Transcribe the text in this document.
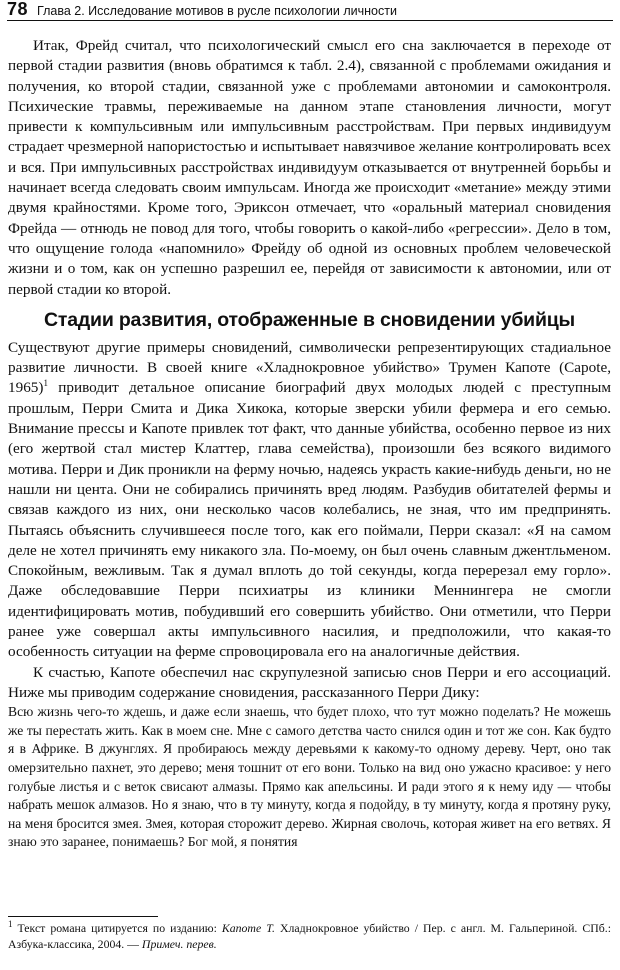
78 Глава 2. Исследование мотивов в русле психологии личности

Итак, Фрейд считал, что психологический смысл его сна заключается в переходе от первой стадии развития (вновь обратимся к табл. 2.4), связанной с проблемами ожидания и получения, ко второй стадии, связанной уже с проблемами автономии и самоконтроля. Психические травмы, переживаемые на данном этапе становления личности, могут привести к компульсивным или импульсивным расстройствам. При первых индивидуум страдает чрезмерной напористостью и испытывает навязчивое желание контролировать всех и вся. При импульсивных расстройствах индивидуум отказывается от внутренней борьбы и начинает всегда следовать своим импульсам. Иногда же происходит «метание» между этими двумя крайностями. Кроме того, Эриксон отмечает, что «оральный материал сновидения Фрейда — отнюдь не повод для того, чтобы говорить о какой-либо «регрессии». Дело в том, что ощущение голода «напомнило» Фрейду об одной из основных проблем человеческой жизни и о том, как он успешно разрешил ее, перейдя от зависимости к автономии, или от первой стадии ко второй.

Стадии развития, отображенные в сновидении убийцы

Существуют другие примеры сновидений, символически репрезентирующих стадиальное развитие личности. В своей книге «Хладнокровное убийство» Трумен Капоте (Capote, 1965)$^1$ приводит детальное описание биографий двух молодых людей с преступным прошлым, Перри Смита и Дика Хикока, которые зверски убили фермера и его семью. Внимание прессы и Капоте привлек тот факт, что данные убийства, особенно первое из них (его жертвой стал мистер Клаттер, глава семейства), произошли без всякого видимого мотива. Перри и Дик проникли на ферму ночью, надеясь украсть какие-нибудь деньги, но не нашли ни цента. Они не собирались причинять вред людям. Разбудив обитателей фермы и связав каждого из них, они несколько часов колебались, не зная, что им предпринять. Пытаясь объяснить случившееся после того, как его поймали, Перри сказал: «Я на самом деле не хотел причинять ему никакого зла. По-моему, он был очень славным джентльменом. Спокойным, вежливым. Так я думал вплоть до той секунды, когда перерезал ему горло». Даже обследовавшие Перри психиатры из клиники Меннингера не смогли идентифицировать мотив, побудивший его совершить убийство. Они отметили, что Перри ранее уже совершал акты импульсивного насилия, и предположили, что какая-то особенность ситуации на ферме спровоцировала его на аналогичные действия.

К счастью, Капоте обеспечил нас скрупулезной записью снов Перри и его ассоциаций. Ниже мы приводим содержание сновидения, рассказанного Перри Дику:

Всю жизнь чего-то ждешь, и даже если знаешь, что будет плохо, что тут можно поделать? Не можешь же ты перестать жить. Как в моем сне. Мне с самого детства часто снился один и тот же сон. Как будто я в Африке. В джунглях. Я пробираюсь между деревьями к какому-то одному дереву. Черт, оно так омерзительно пахнет, это дерево; меня тошнит от его вони. Только на вид оно ужасно красивое: у него голубые листья и с веток свисают алмазы. Прямо как апельсины. И ради этого я к нему иду — чтобы набрать мешок алмазов. Но я знаю, что в ту минуту, когда я подойду, в ту минуту, когда я протяну руку, на меня бросится змея. Змея, которая сторожит дерево. Жирная сволочь, которая живет на его ветвях. Я знаю это заранее, понимаешь? Бог мой, я понятия

$^1$ Текст романа цитируется по изданию: Капоте Т. Хладнокровное убийство / Пер. с англ. М. Гальпериной. СПб.: Азбука-классика, 2004. — Примеч. перев.
